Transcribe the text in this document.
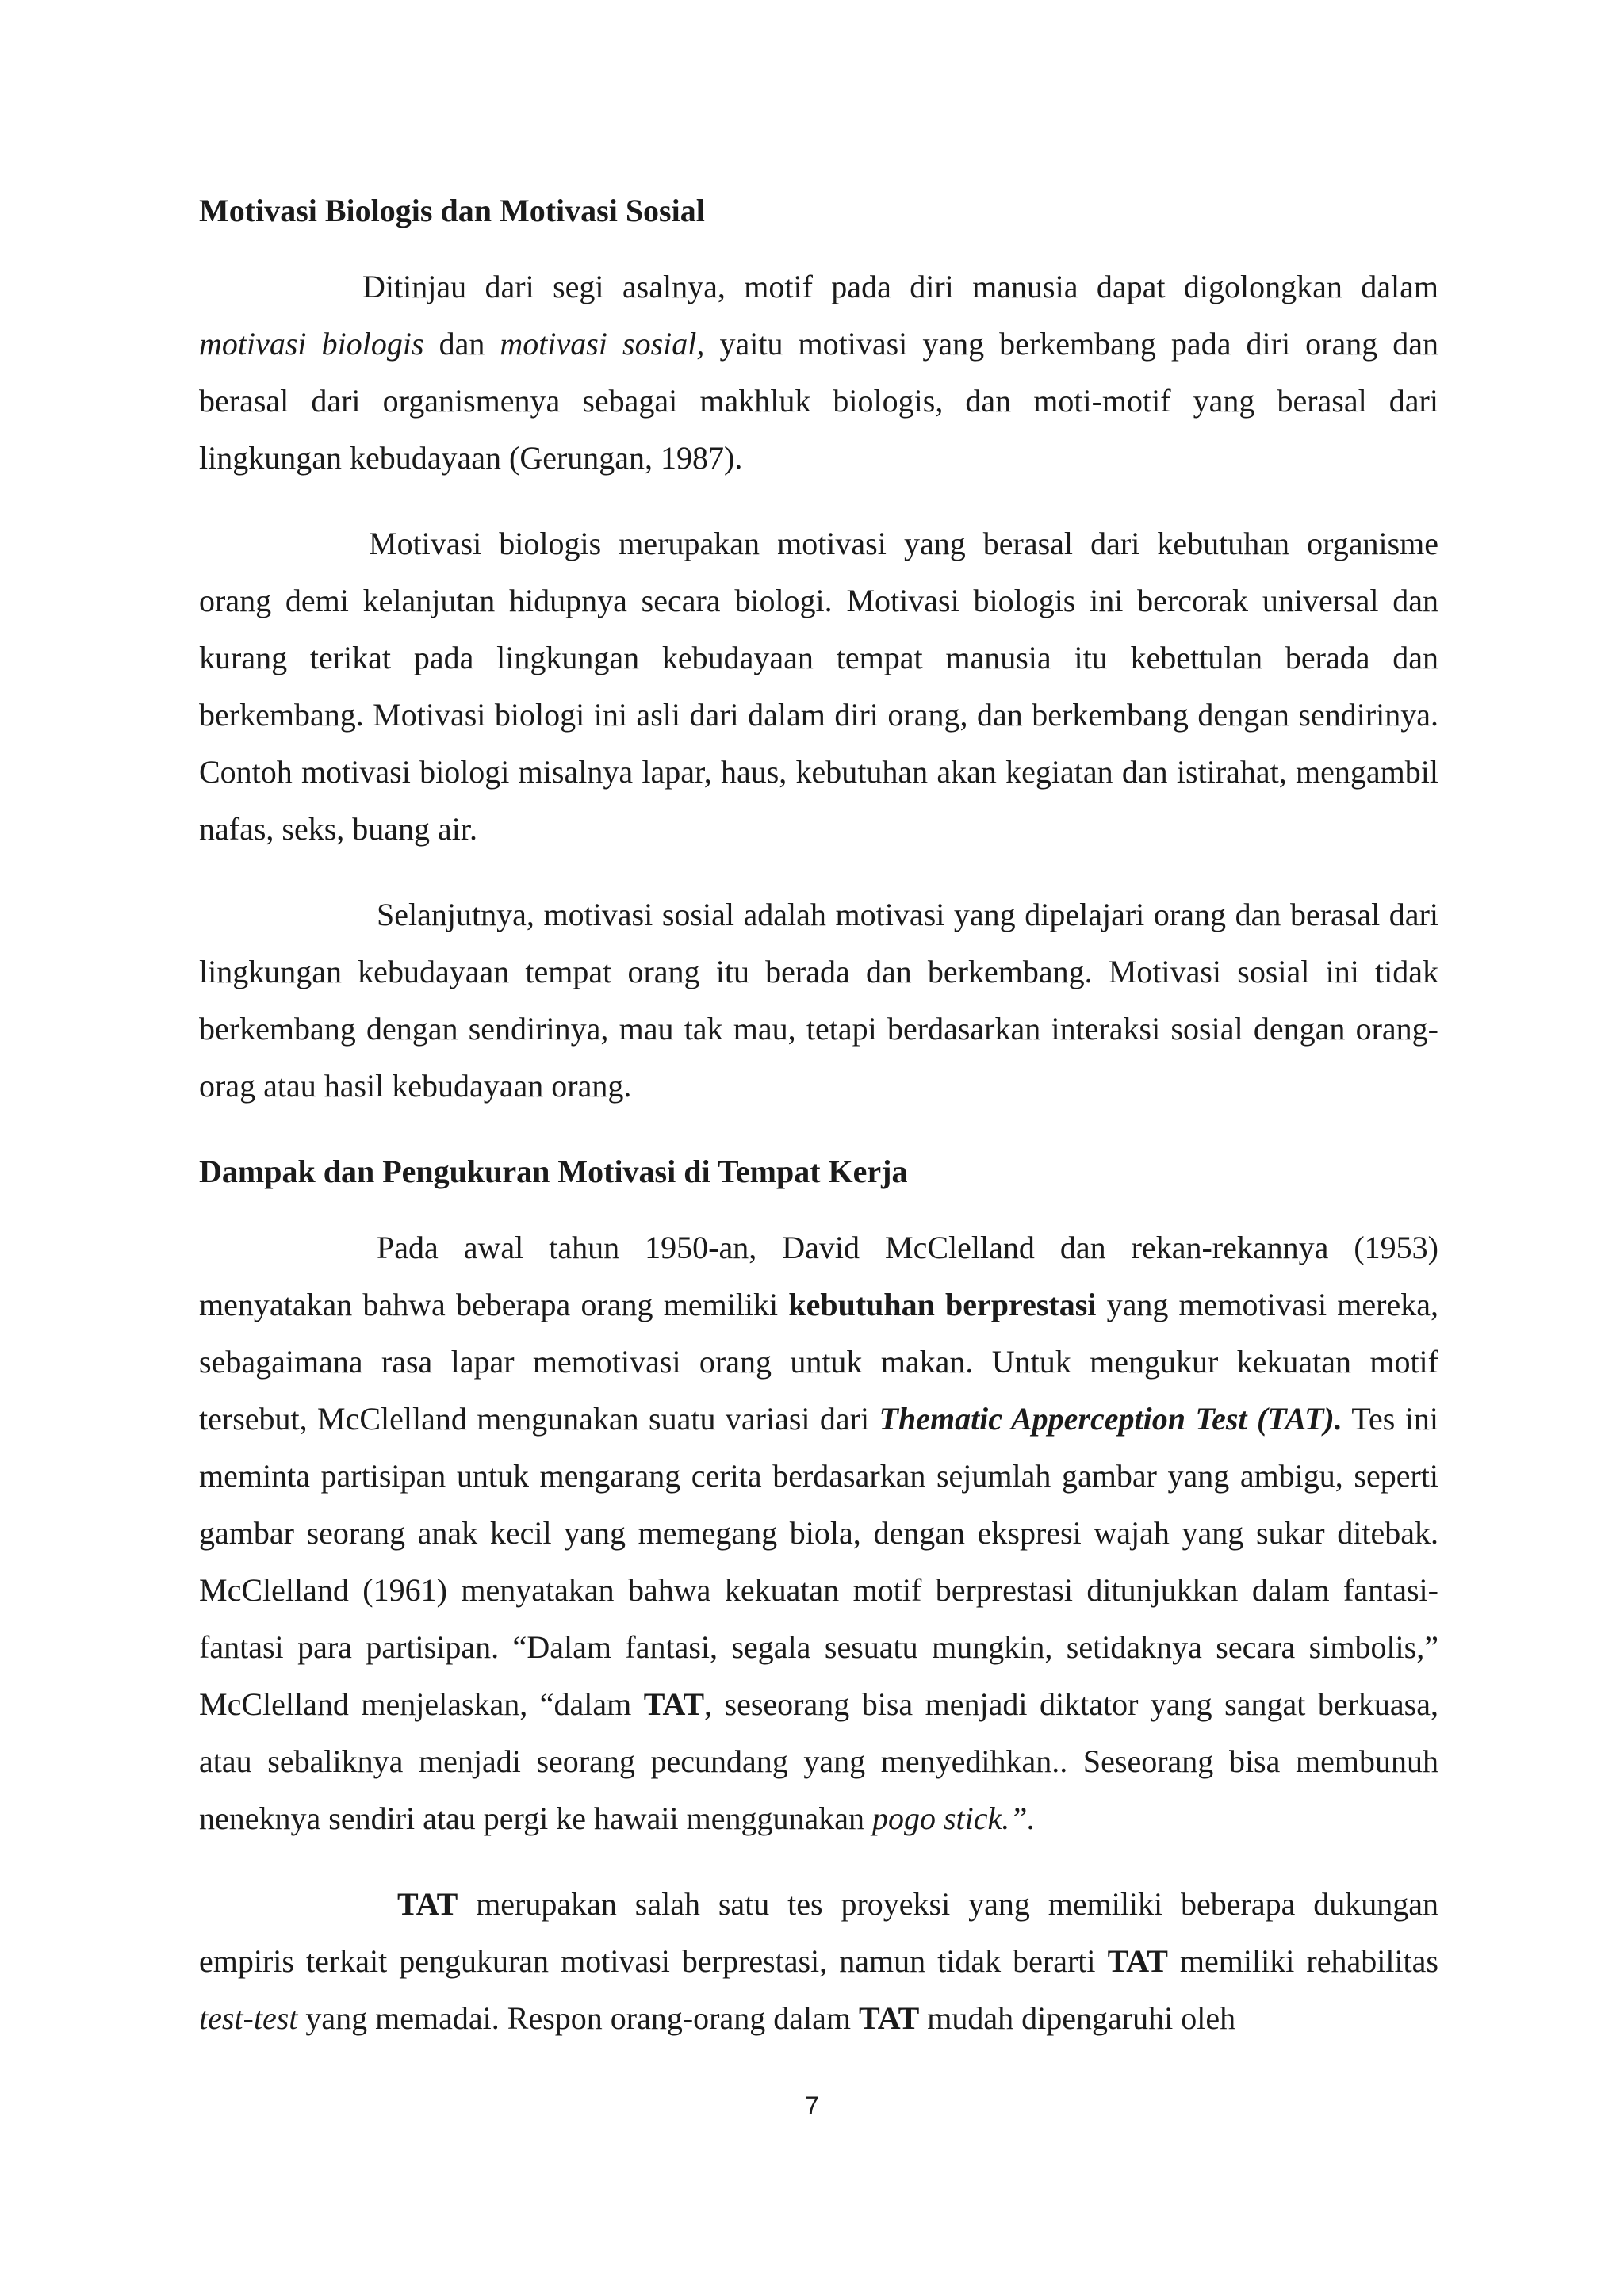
Motivasi Biologis dan Motivasi Sosial

Ditinjau dari segi asalnya, motif pada diri manusia dapat digolongkan dalam motivasi biologis dan motivasi sosial, yaitu motivasi yang berkembang pada diri orang dan berasal dari organismenya sebagai makhluk biologis, dan moti-motif yang berasal dari lingkungan kebudayaan (Gerungan, 1987).

Motivasi biologis merupakan motivasi yang berasal dari kebutuhan organisme orang demi kelanjutan hidupnya secara biologi. Motivasi biologis ini bercorak universal dan kurang terikat pada lingkungan kebudayaan tempat manusia itu kebettulan berada dan berkembang. Motivasi biologi ini asli dari dalam diri orang, dan berkembang dengan sendirinya. Contoh motivasi biologi misalnya lapar, haus, kebutuhan akan kegiatan dan istirahat, mengambil nafas, seks, buang air.

Selanjutnya, motivasi sosial adalah motivasi yang dipelajari orang dan berasal dari lingkungan kebudayaan tempat orang itu berada dan berkembang. Motivasi sosial ini tidak berkembang dengan sendirinya, mau tak mau, tetapi berdasarkan interaksi sosial dengan orang-orag atau hasil kebudayaan orang.

Dampak dan Pengukuran Motivasi di Tempat Kerja

Pada awal tahun 1950-an, David McClelland dan rekan-rekannya (1953) menyatakan bahwa beberapa orang memiliki kebutuhan berprestasi yang memotivasi mereka, sebagaimana rasa lapar memotivasi orang untuk makan. Untuk mengukur kekuatan motif tersebut, McClelland mengunakan suatu variasi dari Thematic Apperception Test (TAT). Tes ini meminta partisipan untuk mengarang cerita berdasarkan sejumlah gambar yang ambigu, seperti gambar seorang anak kecil yang memegang biola, dengan ekspresi wajah yang sukar ditebak. McClelland (1961) menyatakan bahwa kekuatan motif berprestasi ditunjukkan dalam fantasi-fantasi para partisipan. “Dalam fantasi, segala sesuatu mungkin, setidaknya secara simbolis,” McClelland menjelaskan, “dalam TAT, seseorang bisa menjadi diktator yang sangat berkuasa, atau sebaliknya menjadi seorang pecundang yang menyedihkan.. Seseorang bisa membunuh neneknya sendiri atau pergi ke hawaii menggunakan pogo stick.”.

TAT merupakan salah satu tes proyeksi yang memiliki beberapa dukungan empiris terkait pengukuran motivasi berprestasi, namun tidak berarti TAT memiliki rehabilitas test-test yang memadai. Respon orang-orang dalam TAT mudah dipengaruhi oleh

7
